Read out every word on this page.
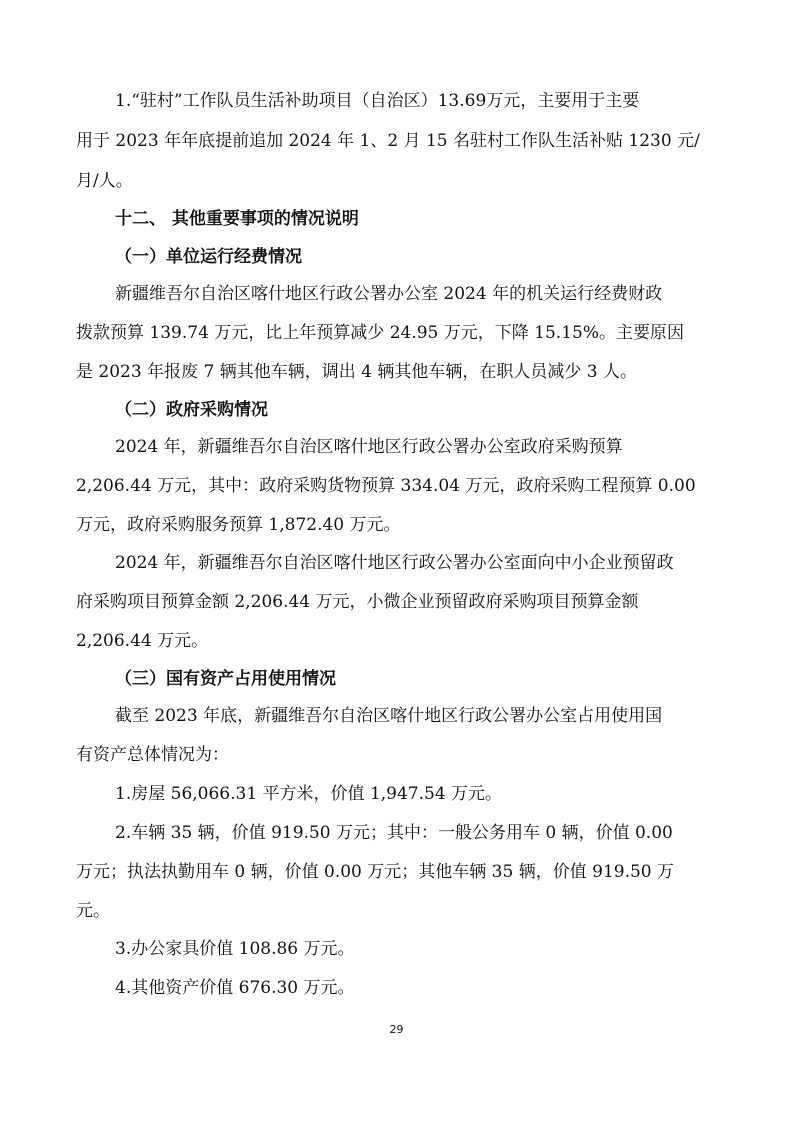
1.“驻村”工作队员生活补助项目（自治区）13.69万元，主要用于主要
用于 2023 年年底提前追加 2024 年 1、2 月 15 名驻村工作队生活补贴 1230 元/
月/人。
十二、 其他重要事项的情况说明
（一）单位运行经费情况
新疆维吾尔自治区喀什地区行政公署办公室 2024 年的机关运行经费财政
拨款预算 139.74 万元，比上年预算减少 24.95 万元，下降 15.15%。主要原因
是 2023 年报废 7 辆其他车辆，调出 4 辆其他车辆，在职人员减少 3 人。
（二）政府采购情况
2024 年，新疆维吾尔自治区喀什地区行政公署办公室政府采购预算
2,206.44 万元，其中：政府采购货物预算 334.04 万元，政府采购工程预算 0.00
万元，政府采购服务预算 1,872.40 万元。
2024 年，新疆维吾尔自治区喀什地区行政公署办公室面向中小企业预留政
府采购项目预算金额 2,206.44 万元，小微企业预留政府采购项目预算金额
2,206.44 万元。
（三）国有资产占用使用情况
截至 2023 年底，新疆维吾尔自治区喀什地区行政公署办公室占用使用国
有资产总体情况为：
1.房屋 56,066.31 平方米，价值 1,947.54 万元。
2.车辆 35 辆，价值 919.50 万元；其中：一般公务用车 0 辆，价值 0.00
万元；执法执勤用车 0 辆，价值 0.00 万元；其他车辆 35 辆，价值 919.50 万
元。
3.办公家具价值 108.86 万元。
4.其他资产价值 676.30 万元。
29
